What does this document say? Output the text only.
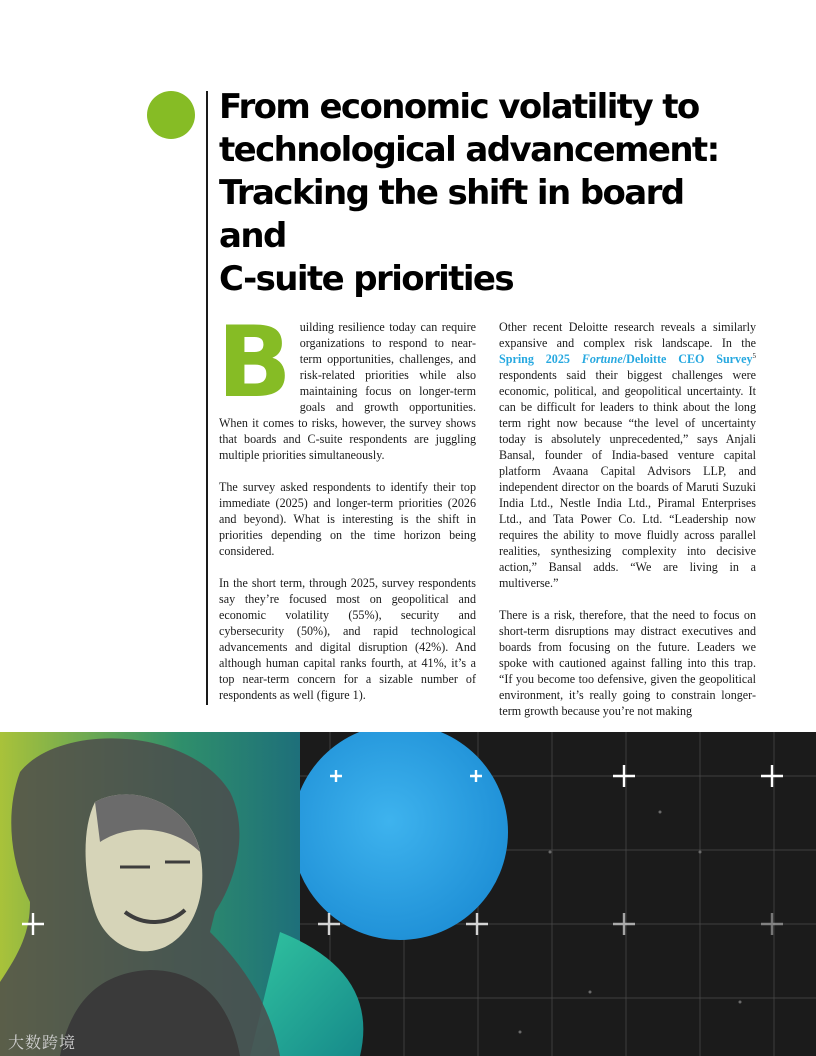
From economic volatility to
technological advancement:
Tracking the shift in board and
C-suite priorities

Building resilience today can require organizations to respond to near-term opportunities, challenges, and risk-related priorities while also maintaining focus on longer-term goals and growth opportunities. When it comes to risks, however, the survey shows that boards and C-suite respondents are juggling multiple priorities simultaneously.

The survey asked respondents to identify their top immediate (2025) and longer-term priorities (2026 and beyond). What is interesting is the shift in priorities depending on the time horizon being considered.

In the short term, through 2025, survey respondents say they’re focused most on geopolitical and economic volatility (55%), security and cybersecurity (50%), and rapid technological advancements and digital disruption (42%). And although human capital ranks fourth, at 41%, it’s a top near-term concern for a sizable number of respondents as well (figure 1).

Other recent Deloitte research reveals a similarly expansive and complex risk landscape. In the Spring 2025 Fortune/Deloitte CEO Survey$^5$ respondents said their biggest challenges were economic, political, and geopolitical uncertainty. It can be difficult for leaders to think about the long term right now because “the level of uncertainty today is absolutely unprecedented,” says Anjali Bansal, founder of India-based venture capital platform Avaana Capital Advisors LLP, and independent director on the boards of Maruti Suzuki India Ltd., Nestle India Ltd., Piramal Enterprises Ltd., and Tata Power Co. Ltd. “Leadership now requires the ability to move fluidly across parallel realities, synthesizing complexity into decisive action,” Bansal adds. “We are living in a multiverse.”

There is a risk, therefore, that the need to focus on short-term disruptions may distract executives and boards from focusing on the future. Leaders we spoke with cautioned against falling into this trap. “If you become too defensive, given the geopolitical environment, it’s really going to constrain longer-term growth because you’re not making

大数跨境
